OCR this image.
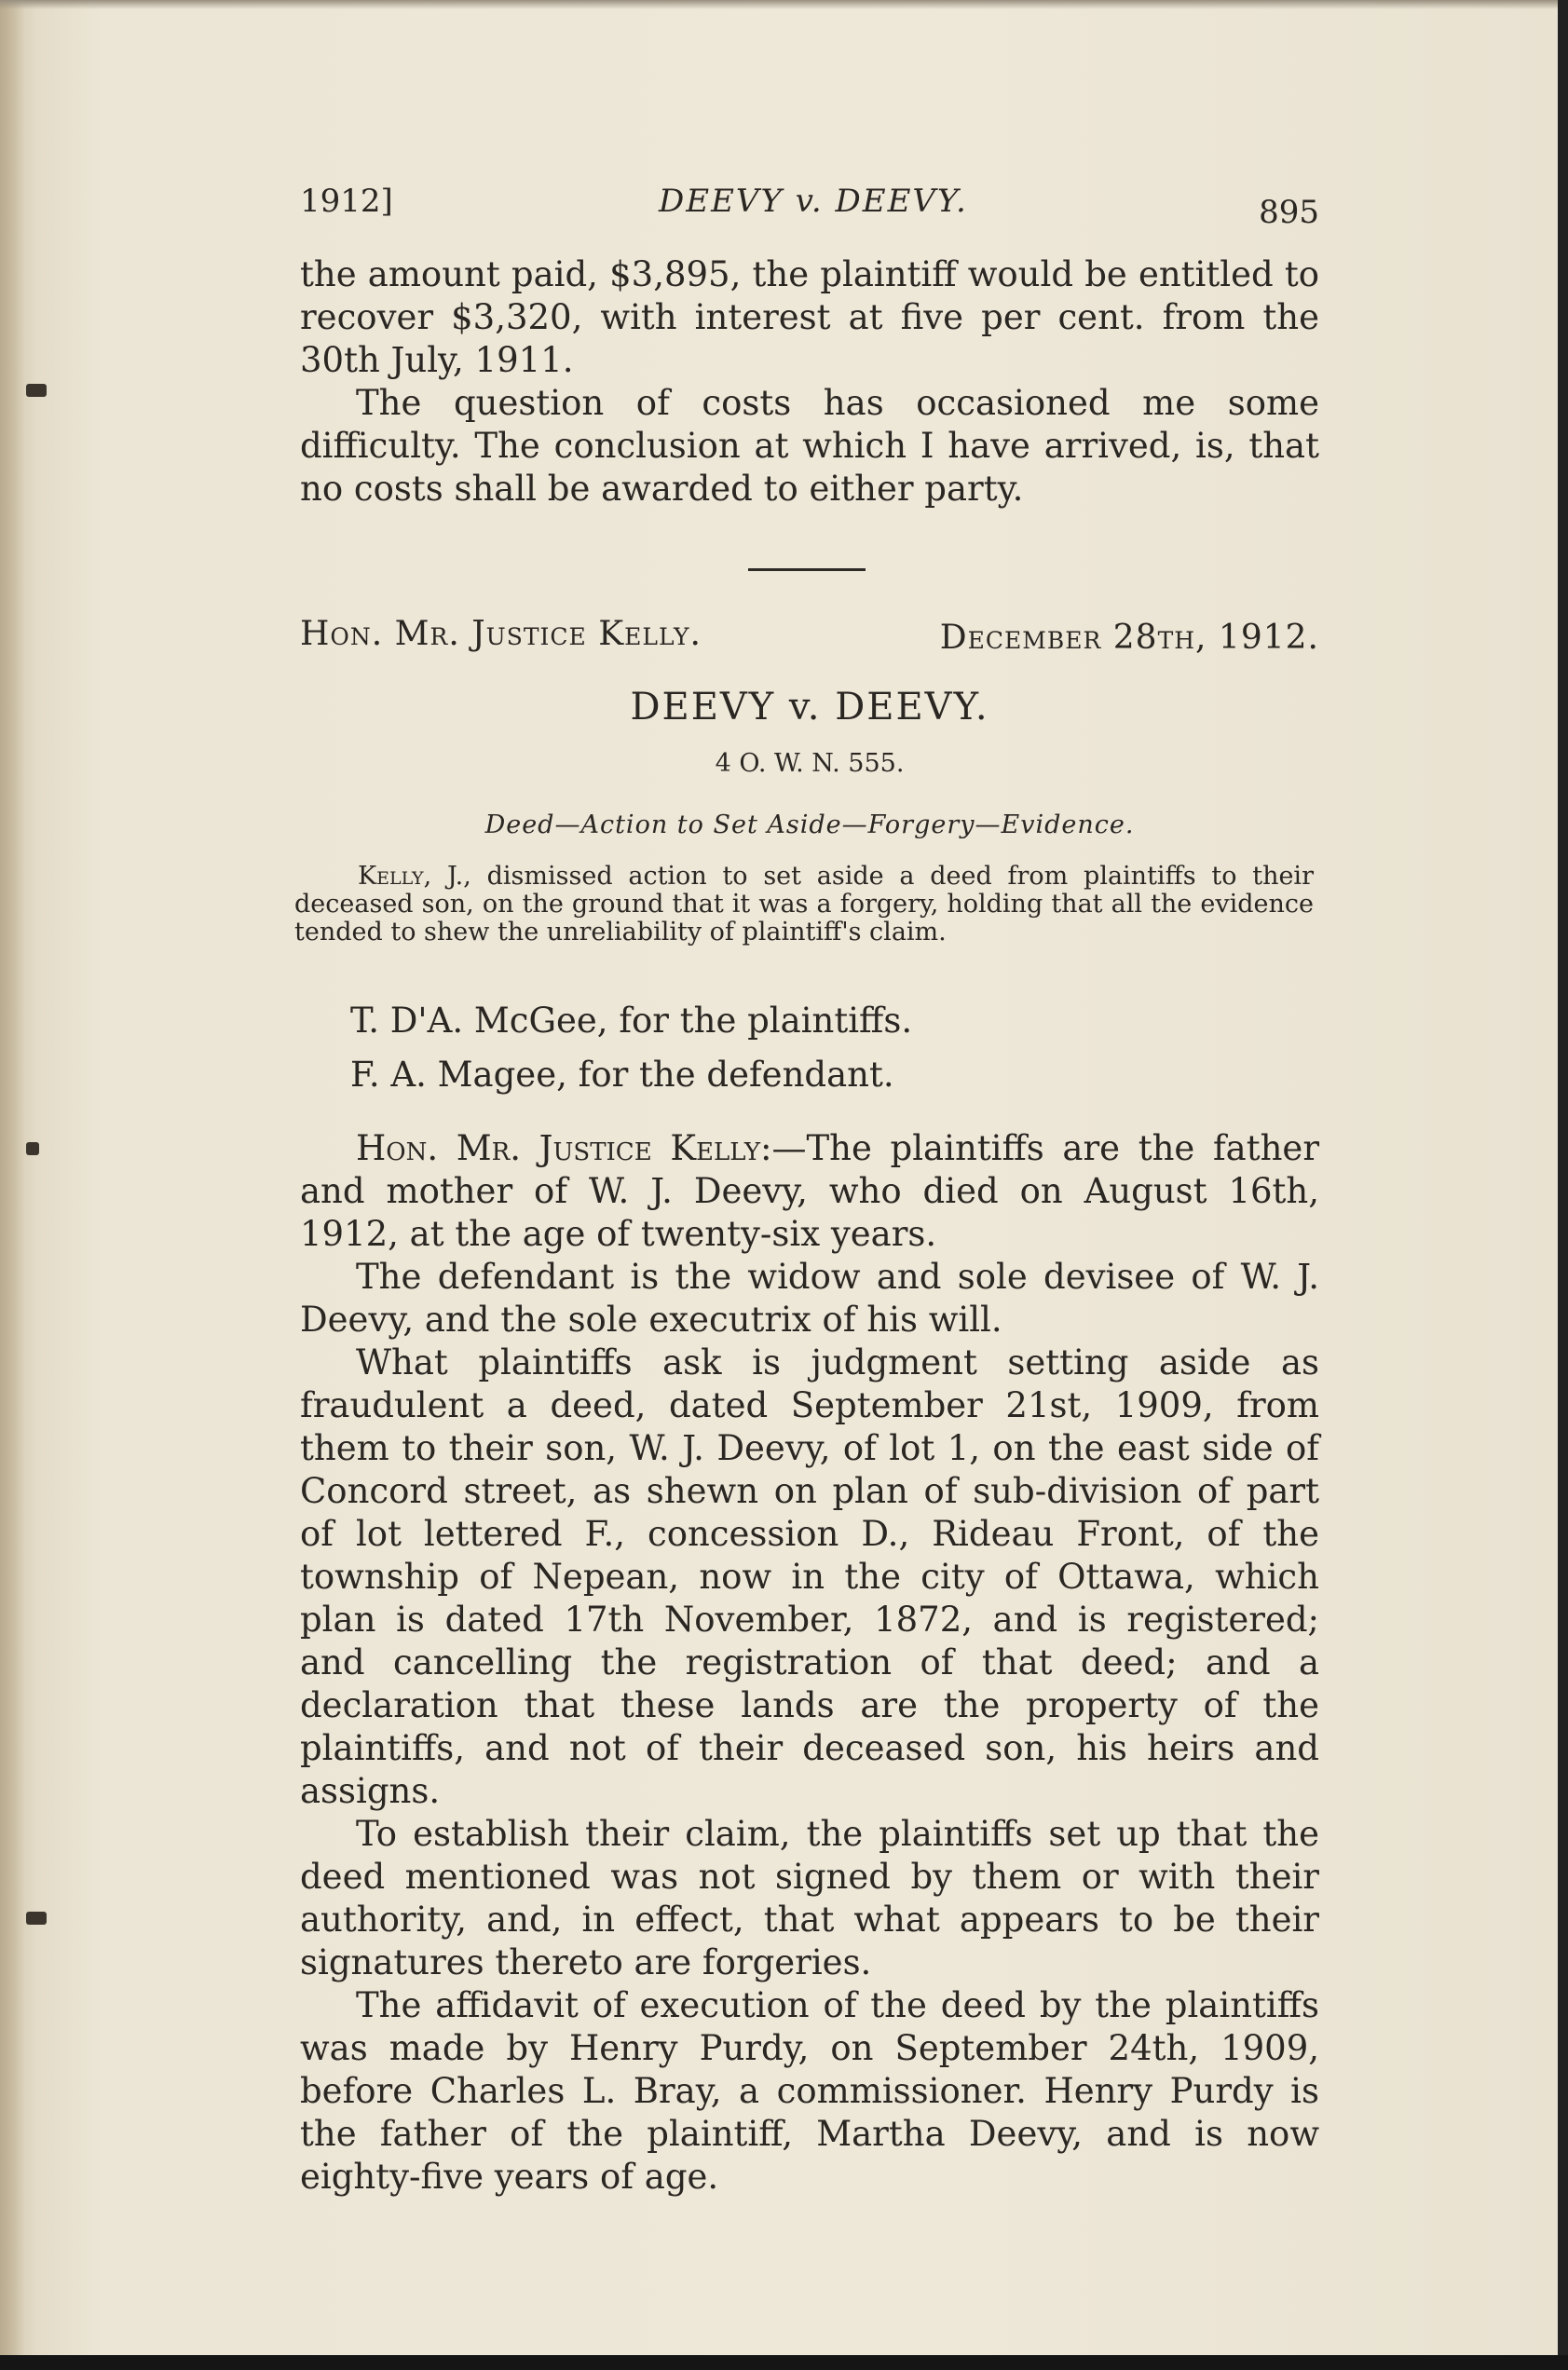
1912]	DEEVY v. DEEVY.	895

the amount paid, $3,895, the plaintiff would be entitled to recover $3,320, with interest at five per cent. from the 30th July, 1911.

The question of costs has occasioned me some difficulty. The conclusion at which I have arrived, is, that no costs shall be awarded to either party.

Hon. Mr. Justice Kelly.	December 28th, 1912.
DEEVY v. DEEVY.
4 O. W. N. 555.
Deed—Action to Set Aside—Forgery—Evidence.
Kelly, J., dismissed action to set aside a deed from plaintiffs to their deceased son, on the ground that it was a forgery, holding that all the evidence tended to shew the unreliability of plaintiff's claim.
T. D'A. McGee, for the plaintiffs.
F. A. Magee, for the defendant.

Hon. Mr. Justice Kelly:—The plaintiffs are the father and mother of W. J. Deevy, who died on August 16th, 1912, at the age of twenty-six years.

The defendant is the widow and sole devisee of W. J. Deevy, and the sole executrix of his will.

What plaintiffs ask is judgment setting aside as fraudulent a deed, dated September 21st, 1909, from them to their son, W. J. Deevy, of lot 1, on the east side of Concord street, as shewn on plan of sub-division of part of lot lettered F., concession D., Rideau Front, of the township of Nepean, now in the city of Ottawa, which plan is dated 17th November, 1872, and is registered; and cancelling the registration of that deed; and a declaration that these lands are the property of the plaintiffs, and not of their deceased son, his heirs and assigns.

To establish their claim, the plaintiffs set up that the deed mentioned was not signed by them or with their authority, and, in effect, that what appears to be their signatures thereto are forgeries.

The affidavit of execution of the deed by the plaintiffs was made by Henry Purdy, on September 24th, 1909, before Charles L. Bray, a commissioner. Henry Purdy is the father of the plaintiff, Martha Deevy, and is now eighty-five years of age.
